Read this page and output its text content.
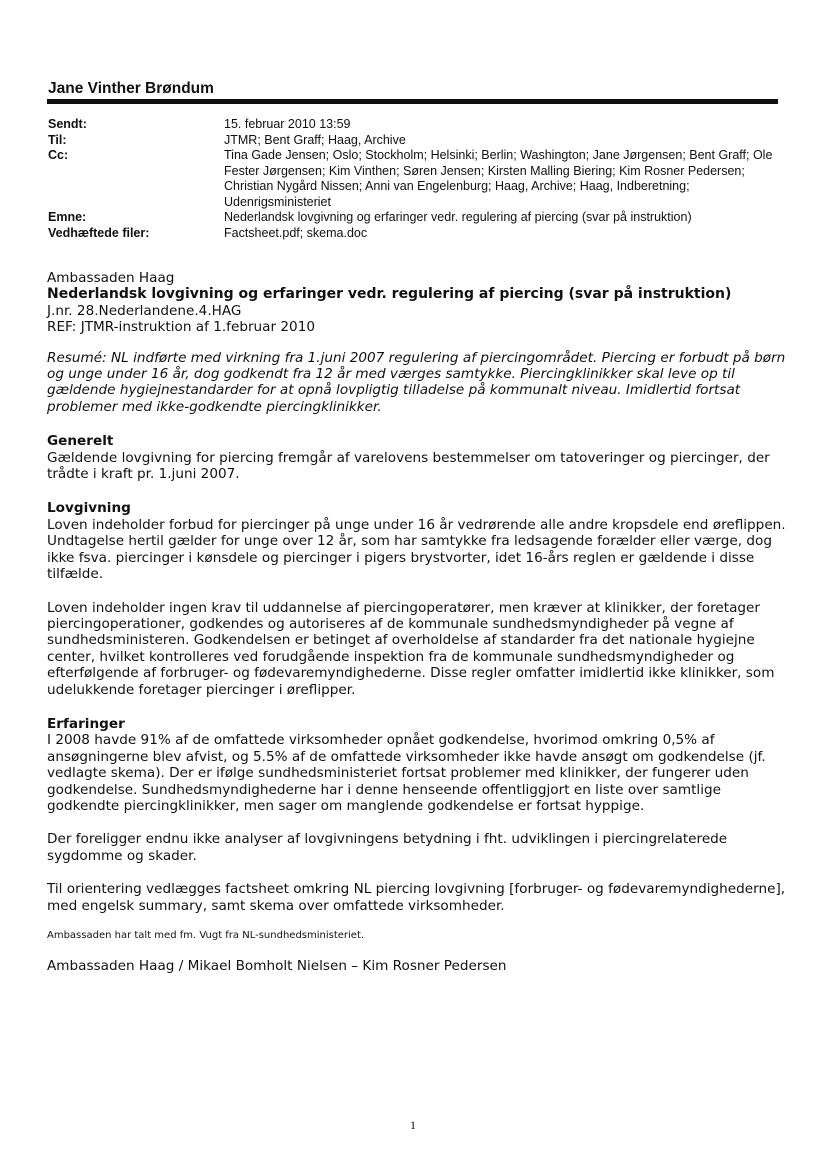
Jane Vinther Brøndum
Sendt:	15. februar 2010 13:59
Til:	JTMR; Bent Graff; Haag, Archive
Cc:	Tina Gade Jensen; Oslo; Stockholm; Helsinki; Berlin; Washington; Jane Jørgensen; Bent Graff; Ole Fester Jørgensen; Kim Vinthen; Søren Jensen; Kirsten Malling Biering; Kim Rosner Pedersen; Christian Nygård Nissen; Anni van Engelenburg; Haag, Archive; Haag, Indberetning; Udenrigsministeriet
Emne:	Nederlandsk lovgivning og erfaringer vedr. regulering af piercing (svar på instruktion)
Vedhæftede filer:	Factsheet.pdf; skema.doc

Ambassaden Haag

Nederlandsk lovgivning og erfaringer vedr. regulering af piercing (svar på instruktion)

J.nr. 28.Nederlandene.4.HAG

REF: JTMR-instruktion af 1.februar 2010

Resumé: NL indførte med virkning fra 1.juni 2007 regulering af piercingområdet. Piercing er forbudt på børn og unge under 16 år, dog godkendt fra 12 år med værges samtykke. Piercingklinikker skal leve op til gældende hygiejnestandarder for at opnå lovpligtig tilladelse på kommunalt niveau. Imidlertid fortsat problemer med ikke-godkendte piercingklinikker.

Generelt

Gældende lovgivning for piercing fremgår af varelovens bestemmelser om tatoveringer og piercinger, der trådte i kraft pr. 1.juni 2007.

Lovgivning

Loven indeholder forbud for piercinger på unge under 16 år vedrørende alle andre kropsdele end øreflippen. Undtagelse hertil gælder for unge over 12 år, som har samtykke fra ledsagende forælder eller værge, dog ikke fsva. piercinger i kønsdele og piercinger i pigers brystvorter, idet 16-års reglen er gældende i disse tilfælde.

Loven indeholder ingen krav til uddannelse af piercingoperatører, men kræver at klinikker, der foretager piercingoperationer, godkendes og autoriseres af de kommunale sundhedsmyndigheder på vegne af sundhedsministeren. Godkendelsen er betinget af overholdelse af standarder fra det nationale hygiejne center, hvilket kontrolleres ved forudgående inspektion fra de kommunale sundhedsmyndigheder og efterfølgende af forbruger- og fødevaremyndighederne. Disse regler omfatter imidlertid ikke klinikker, som udelukkende foretager piercinger i øreflipper.

Erfaringer

I 2008 havde 91% af de omfattede virksomheder opnået godkendelse, hvorimod omkring 0,5% af ansøgningerne blev afvist, og 5.5% af de omfattede virksomheder ikke havde ansøgt om godkendelse (jf. vedlagte skema). Der er ifølge sundhedsministeriet fortsat problemer med klinikker, der fungerer uden godkendelse. Sundhedsmyndighederne har i denne henseende offentliggjort en liste over samtlige godkendte piercingklinikker, men sager om manglende godkendelse er fortsat hyppige.

Der foreligger endnu ikke analyser af lovgivningens betydning i fht. udviklingen i piercingrelaterede sygdomme og skader.

Til orientering vedlægges factsheet omkring NL piercing lovgivning [forbruger- og fødevaremyndighederne], med engelsk summary, samt skema over omfattede virksomheder.

Ambassaden har talt med fm. Vugt fra NL-sundhedsministeriet.

Ambassaden Haag / Mikael Bomholt Nielsen – Kim Rosner Pedersen

1
